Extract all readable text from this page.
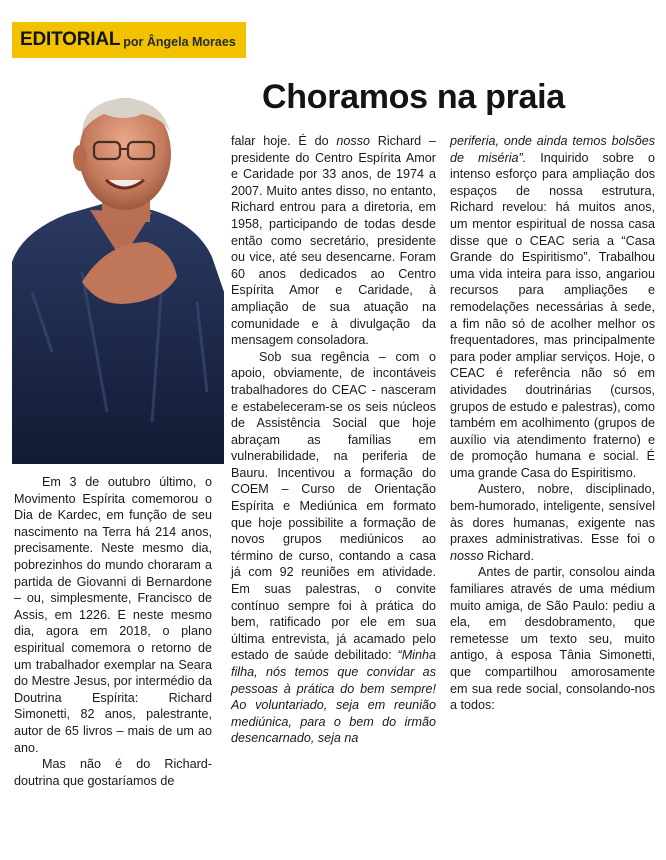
EDITORIAL por Ângela Moraes
Choramos na praia

Em 3 de outubro último, o Movimento Espírita comemorou o Dia de Kardec, em função de seu nascimento na Terra há 214 anos, precisamente. Neste mesmo dia, pobrezinhos do mundo choraram a partida de Giovanni di Bernardone – ou, simplesmente, Francisco de Assis, em 1226. E neste mesmo dia, agora em 2018, o plano espiritual comemora o retorno de um trabalhador exemplar na Seara do Mestre Jesus, por intermédio da Doutrina Espírita: Richard Simonetti, 82 anos, palestrante, autor de 65 livros – mais de um ao ano.

Mas não é do Richard-doutrina que gostaríamos de

falar hoje. É do nosso Richard – presidente do Centro Espírita Amor e Caridade por 33 anos, de 1974 a 2007. Muito antes disso, no entanto, Richard entrou para a diretoria, em 1958, participando de todas desde então como secretário, presidente ou vice, até seu desencarne. Foram 60 anos dedicados ao Centro Espírita Amor e Caridade, à ampliação de sua atuação na comunidade e à divulgação da mensagem consoladora.

Sob sua regência – com o apoio, obviamente, de incontáveis trabalhadores do CEAC - nasceram e estabeleceram-se os seis núcleos de Assistência Social que hoje abraçam as famílias em vulnerabilidade, na periferia de Bauru. Incentivou a formação do COEM – Curso de Orientação Espírita e Mediúnica em formato que hoje possibilite a formação de novos grupos mediúnicos ao término de curso, contando a casa já com 92 reuniões em atividade. Em suas palestras, o convite contínuo sempre foi à prática do bem, ratificado por ele em sua última entrevista, já acamado pelo estado de saúde debilitado: “Minha filha, nós temos que convidar as pessoas à prática do bem sempre! Ao voluntariado, seja em reunião mediúnica, para o bem do irmão desencarnado, seja na

periferia, onde ainda temos bolsões de miséria”. Inquirido sobre o intenso esforço para ampliação dos espaços de nossa estrutura, Richard revelou: há muitos anos, um mentor espiritual de nossa casa disse que o CEAC seria a “Casa Grande do Espiritismo”. Trabalhou uma vida inteira para isso, angariou recursos para ampliações e remodelações necessárias à sede, a fim não só de acolher melhor os frequentadores, mas principalmente para poder ampliar serviços. Hoje, o CEAC é referência não só em atividades doutrinárias (cursos, grupos de estudo e palestras), como também em acolhimento (grupos de auxílio via atendimento fraterno) e de promoção humana e social. É uma grande Casa do Espiritismo.

Austero, nobre, disciplinado, bem-humorado, inteligente, sensível às dores humanas, exigente nas praxes administrativas. Esse foi o nosso Richard.

Antes de partir, consolou ainda familiares através de uma médium muito amiga, de São Paulo: pediu a ela, em desdobramento, que remetesse um texto seu, muito antigo, à esposa Tânia Simonetti, que compartilhou amorosamente em sua rede social, consolando-nos a todos:
